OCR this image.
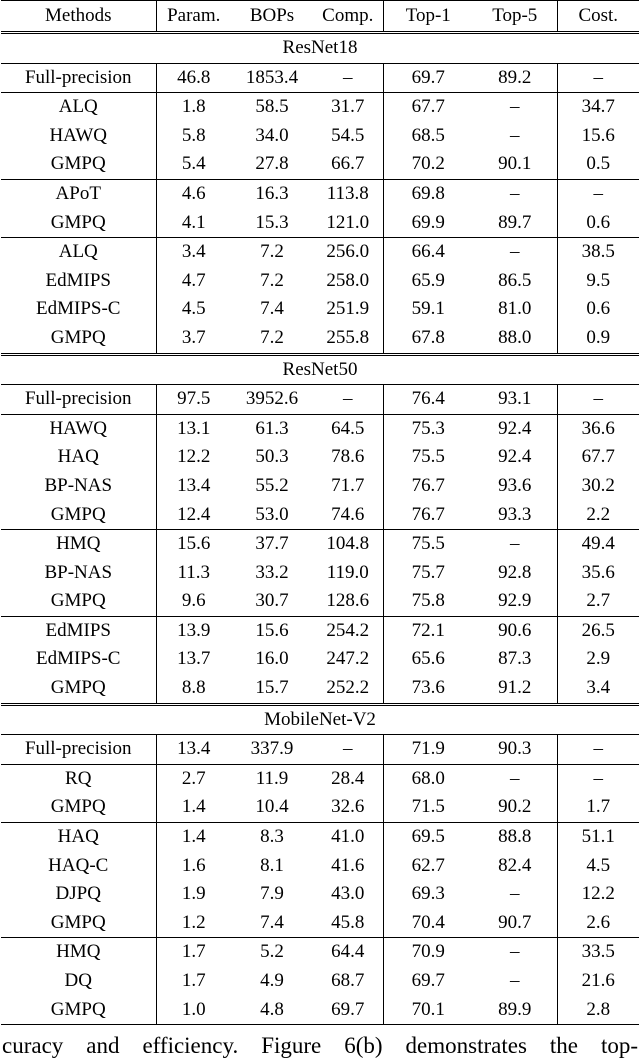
Methods	Param.	BOPs	Comp.	Top-1	Top-5	Cost.
ResNet18						
Full-precision	46.8	1853.4	–	69.7	89.2	–
ALQ	1.8	58.5	31.7	67.7	–	34.7
HAWQ	5.8	34.0	54.5	68.5	–	15.6
GMPQ	5.4	27.8	66.7	70.2	90.1	0.5
APoT	4.6	16.3	113.8	69.8	–	–
GMPQ	4.1	15.3	121.0	69.9	89.7	0.6
ALQ	3.4	7.2	256.0	66.4	–	38.5
EdMIPS	4.7	7.2	258.0	65.9	86.5	9.5
EdMIPS-C	4.5	7.4	251.9	59.1	81.0	0.6
GMPQ	3.7	7.2	255.8	67.8	88.0	0.9
ResNet50						
Full-precision	97.5	3952.6	–	76.4	93.1	–
HAWQ	13.1	61.3	64.5	75.3	92.4	36.6
HAQ	12.2	50.3	78.6	75.5	92.4	67.7
BP-NAS	13.4	55.2	71.7	76.7	93.6	30.2
GMPQ	12.4	53.0	74.6	76.7	93.3	2.2
HMQ	15.6	37.7	104.8	75.5	–	49.4
BP-NAS	11.3	33.2	119.0	75.7	92.8	35.6
GMPQ	9.6	30.7	128.6	75.8	92.9	2.7
EdMIPS	13.9	15.6	254.2	72.1	90.6	26.5
EdMIPS-C	13.7	16.0	247.2	65.6	87.3	2.9
GMPQ	8.8	15.7	252.2	73.6	91.2	3.4
MobileNet-V2						
Full-precision	13.4	337.9	–	71.9	90.3	–
RQ	2.7	11.9	28.4	68.0	–	–
GMPQ	1.4	10.4	32.6	71.5	90.2	1.7
HAQ	1.4	8.3	41.0	69.5	88.8	51.1
HAQ-C	1.6	8.1	41.6	62.7	82.4	4.5
DJPQ	1.9	7.9	43.0	69.3	–	12.2
GMPQ	1.2	7.4	45.8	70.4	90.7	2.6
HMQ	1.7	5.2	64.4	70.9	–	33.5
DQ	1.7	4.9	68.7	69.7	–	21.6
GMPQ	1.0	4.8	69.7	70.1	89.9	2.8
curacy and efficiency. Figure 6(b) demonstrates the top-
